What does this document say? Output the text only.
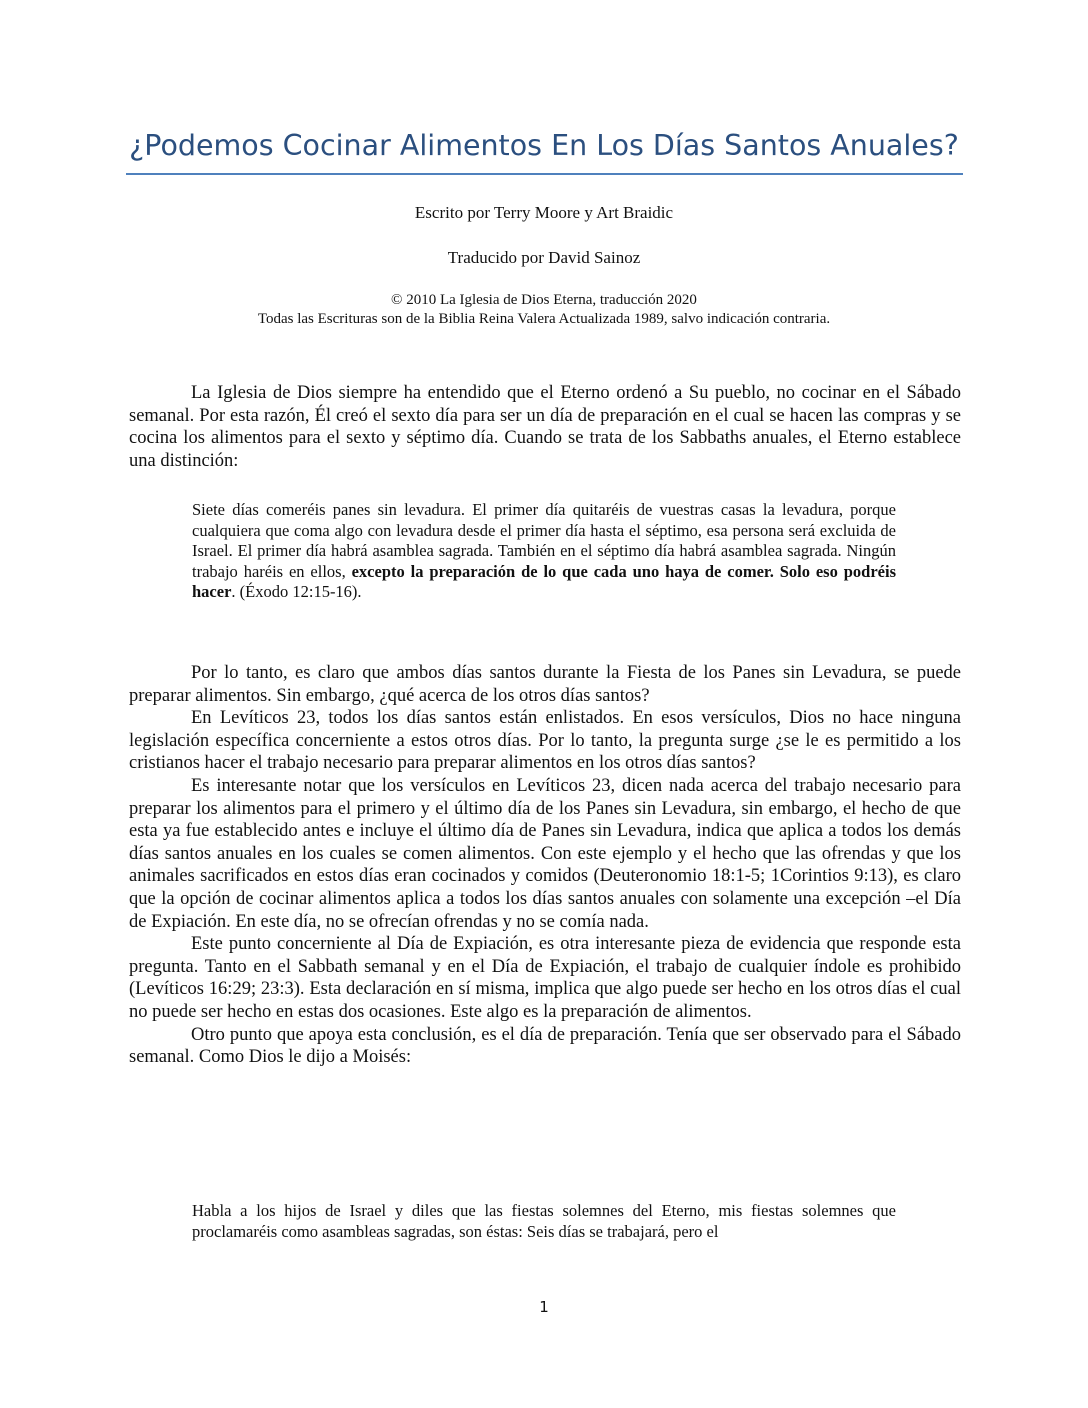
¿Podemos Cocinar Alimentos En Los Días Santos Anuales?
Escrito por Terry Moore y Art Braidic
Traducido por David Sainoz
© 2010 La Iglesia de Dios Eterna, traducción 2020
Todas las Escrituras son de la Biblia Reina Valera Actualizada 1989, salvo indicación contraria.

La Iglesia de Dios siempre ha entendido que el Eterno ordenó a Su pueblo, no cocinar en el Sábado semanal. Por esta razón, Él creó el sexto día para ser un día de preparación en el cual se hacen las compras y se cocina los alimentos para el sexto y séptimo día. Cuando se trata de los Sabbaths anuales, el Eterno establece una distinción:

Siete días comeréis panes sin levadura. El primer día quitaréis de vuestras casas la levadura, porque cualquiera que coma algo con levadura desde el primer día hasta el séptimo, esa persona será excluida de Israel. El primer día habrá asamblea sagrada. También en el séptimo día habrá asamblea sagrada. Ningún trabajo haréis en ellos, excepto la preparación de lo que cada uno haya de comer. Solo eso podréis hacer. (Éxodo 12:15-16).

Por lo tanto, es claro que ambos días santos durante la Fiesta de los Panes sin Levadura, se puede preparar alimentos. Sin embargo, ¿qué acerca de los otros días santos?

En Levíticos 23, todos los días santos están enlistados. En esos versículos, Dios no hace ninguna legislación específica concerniente a estos otros días. Por lo tanto, la pregunta surge ¿se le es permitido a los cristianos hacer el trabajo necesario para preparar alimentos en los otros días santos?

Es interesante notar que los versículos en Levíticos 23, dicen nada acerca del trabajo necesario para preparar los alimentos para el primero y el último día de los Panes sin Levadura, sin embargo, el hecho de que esta ya fue establecido antes e incluye el último día de Panes sin Levadura, indica que aplica a todos los demás días santos anuales en los cuales se comen alimentos. Con este ejemplo y el hecho que las ofrendas y que los animales sacrificados en estos días eran cocinados y comidos (Deuteronomio 18:1-5; 1Corintios 9:13), es claro que la opción de cocinar alimentos aplica a todos los días santos anuales con solamente una excepción –el Día de Expiación. En este día, no se ofrecían ofrendas y no se comía nada.

Este punto concerniente al Día de Expiación, es otra interesante pieza de evidencia que responde esta pregunta. Tanto en el Sabbath semanal y en el Día de Expiación, el trabajo de cualquier índole es prohibido (Levíticos 16:29; 23:3). Esta declaración en sí misma, implica que algo puede ser hecho en los otros días el cual no puede ser hecho en estas dos ocasiones. Este algo es la preparación de alimentos.

Otro punto que apoya esta conclusión, es el día de preparación. Tenía que ser observado para el Sábado semanal. Como Dios le dijo a Moisés:

Habla a los hijos de Israel y diles que las fiestas solemnes del Eterno, mis fiestas solemnes que proclamaréis como asambleas sagradas, son éstas: Seis días se trabajará, pero el
1
